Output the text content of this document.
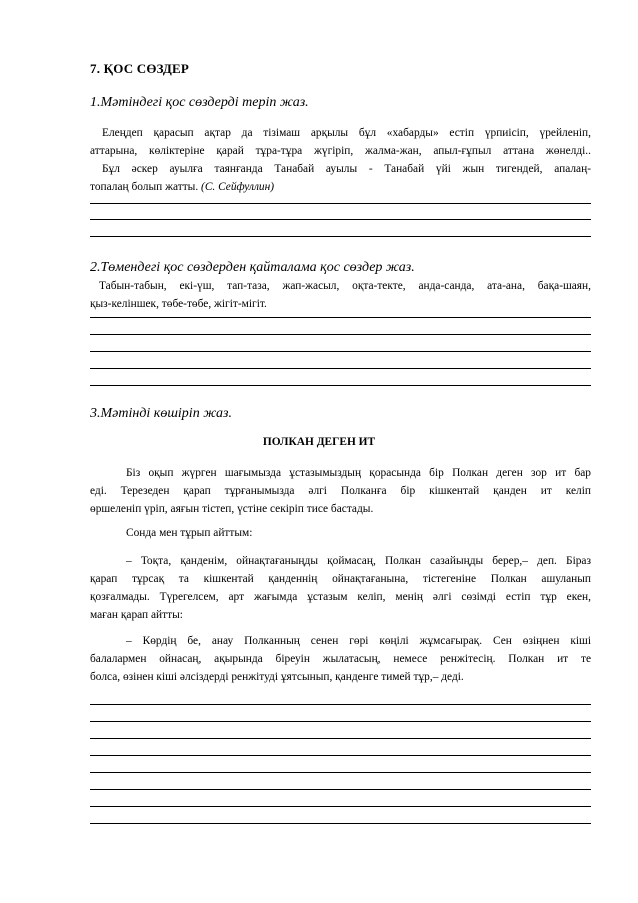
7. ҚОС СӨЗДЕР
1.Мәтіндегі қос сөздерді теріп жаз.
Елеңдеп қарасып ақтар да тізімаш арқылы бұл «хабарды» естіп үрпиісіп, үрейленіп,
аттарына, көліктеріне қарай тұра-тұра жүгіріп, жалма-жан, апыл-ғұпыл аттана жөнелді..
Бұл әскер ауылға таянғанда Танабай ауылы - Танабай үйі жын тигендей, апалаң-
топалаң болып жатты. (С. Сейфуллин)
2.Төмендегі қос сөздерден қайталама қос сөздер жаз.
Табын-табын, екі-үш, тап-таза, жап-жасыл, оқта-текте, анда-санда, ата-ана, бақа-шаян,
қыз-келіншек, төбе-төбе, жігіт-мігіт.
3.Мәтінді көшіріп жаз.
ПОЛКАН ДЕГЕН ИТ
Біз оқып жүрген шағымызда ұстазымыздың қорасында бір Полкан деген зор ит бар
еді. Терезеден қарап тұрғанымызда әлгі Полканға бір кішкентай қанден ит келіп
өршеленіп үріп, аяғын тістеп, үстіне секіріп тисе бастады.
Сонда мен тұрып айттым:
– Тоқта, қанденім, ойнақтағаныңды қоймасаң, Полкан сазайыңды берер,– деп. Біраз
қарап тұрсақ та кішкентай қанденнің ойнақтағанына, тістегеніне Полкан ашуланып
қозғалмады. Түрегелсем, арт жағымда ұстазым келіп, менің әлгі сөзімді естіп тұр екен,
маған қарап айтты:
– Көрдің бе, анау Полканның сенен гөрі көңілі жұмсағырақ. Сен өзіңнен кіші
балалармен ойнасаң, ақырында біреуін жылатасың, немесе ренжітесің. Полкан ит те
болса, өзінен кіші әлсіздерді ренжітуді ұятсынып, қанденге тимей тұр,– деді.
